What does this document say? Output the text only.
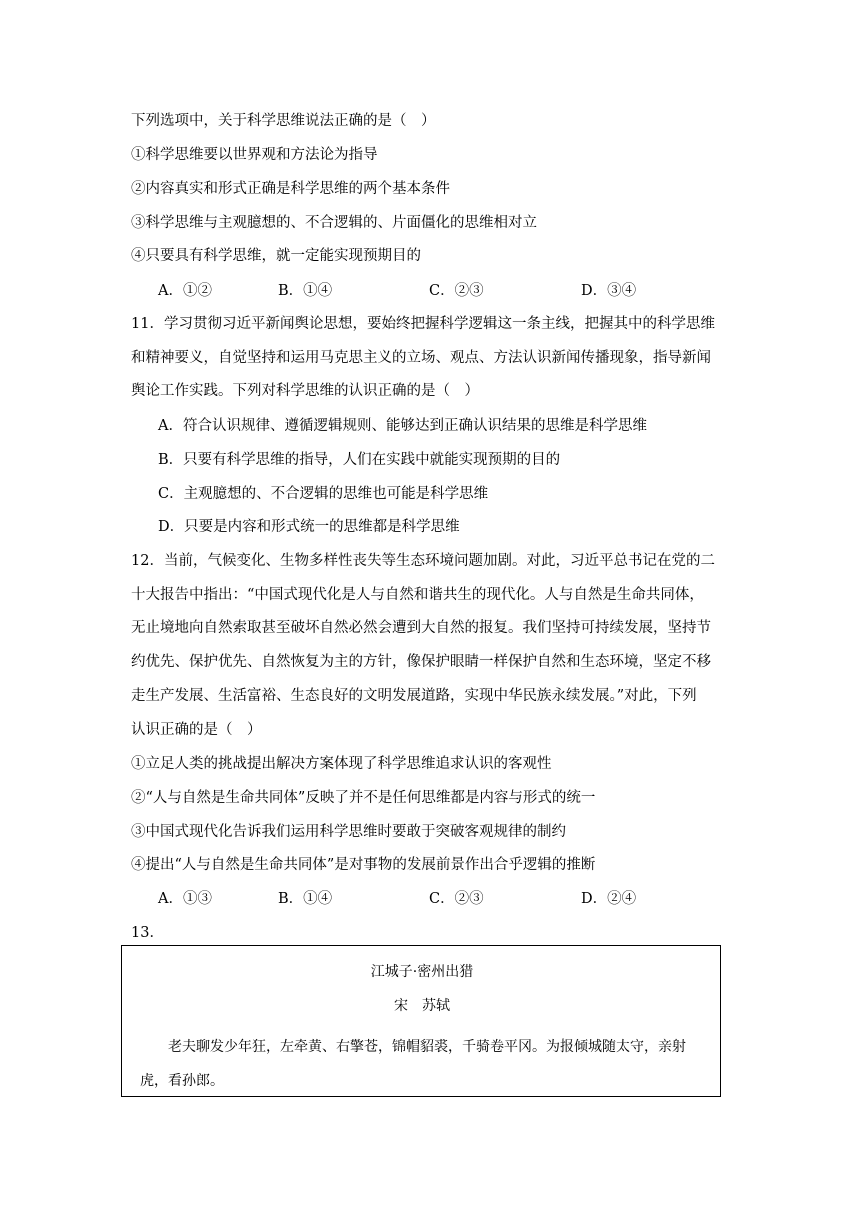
下列选项中，关于科学思维说法正确的是（　）
①科学思维要以世界观和方法论为指导
②内容真实和形式正确是科学思维的两个基本条件
③科学思维与主观臆想的、不合逻辑的、片面僵化的思维相对立
④只要具有科学思维，就一定能实现预期目的
A．①②	B．①④	C．②③	D．③④
11．学习贯彻习近平新闻舆论思想，要始终把握科学逻辑这一条主线，把握其中的科学思维
和精神要义，自觉坚持和运用马克思主义的立场、观点、方法认识新闻传播现象，指导新闻
舆论工作实践。下列对科学思维的认识正确的是（　）
A．符合认识规律、遵循逻辑规则、能够达到正确认识结果的思维是科学思维
B．只要有科学思维的指导，人们在实践中就能实现预期的目的
C．主观臆想的、不合逻辑的思维也可能是科学思维
D．只要是内容和形式统一的思维都是科学思维
12．当前，气候变化、生物多样性丧失等生态环境问题加剧。对此，习近平总书记在党的二
十大报告中指出：“中国式现代化是人与自然和谐共生的现代化。人与自然是生命共同体，
无止境地向自然索取甚至破坏自然必然会遭到大自然的报复。我们坚持可持续发展，坚持节
约优先、保护优先、自然恢复为主的方针，像保护眼睛一样保护自然和生态环境，坚定不移
走生产发展、生活富裕、生态良好的文明发展道路，实现中华民族永续发展。”对此，下列
认识正确的是（　）
①立足人类的挑战提出解决方案体现了科学思维追求认识的客观性
②“人与自然是生命共同体”反映了并不是任何思维都是内容与形式的统一
③中国式现代化告诉我们运用科学思维时要敢于突破客观规律的制约
④提出“人与自然是生命共同体”是对事物的发展前景作出合乎逻辑的推断
A．①③	B．①④	C．②③	D．②④
13．
江城子·密州出猎
宋　苏轼
老夫聊发少年狂，左牵黄、右擎苍，锦帽貂裘，千骑卷平冈。为报倾城随太守，亲射虎，看孙郎。
